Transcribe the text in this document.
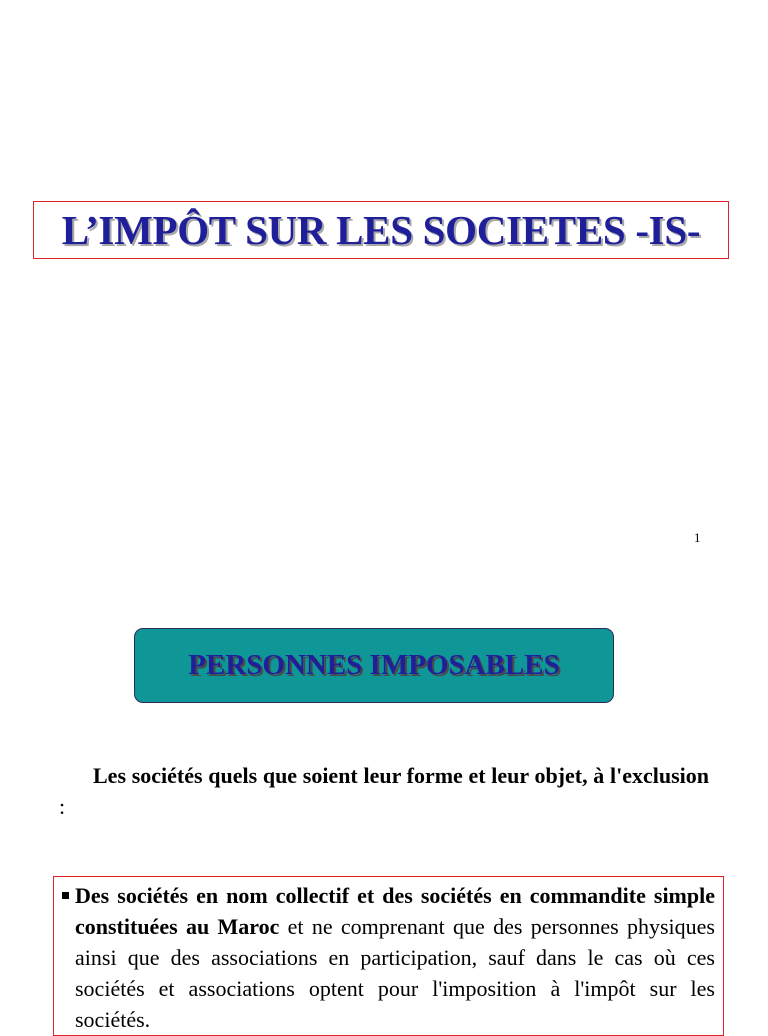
L’IMPÔT SUR LES SOCIETES -IS-
1
PERSONNES IMPOSABLES
Les sociétés quels que soient leur forme et leur objet, à l'exclusion :
Des sociétés en nom collectif et des sociétés en commandite simple constituées au Maroc et ne comprenant que des personnes physiques ainsi que des associations en participation, sauf dans le cas où ces sociétés et associations optent pour l'imposition à l'impôt sur les sociétés.
